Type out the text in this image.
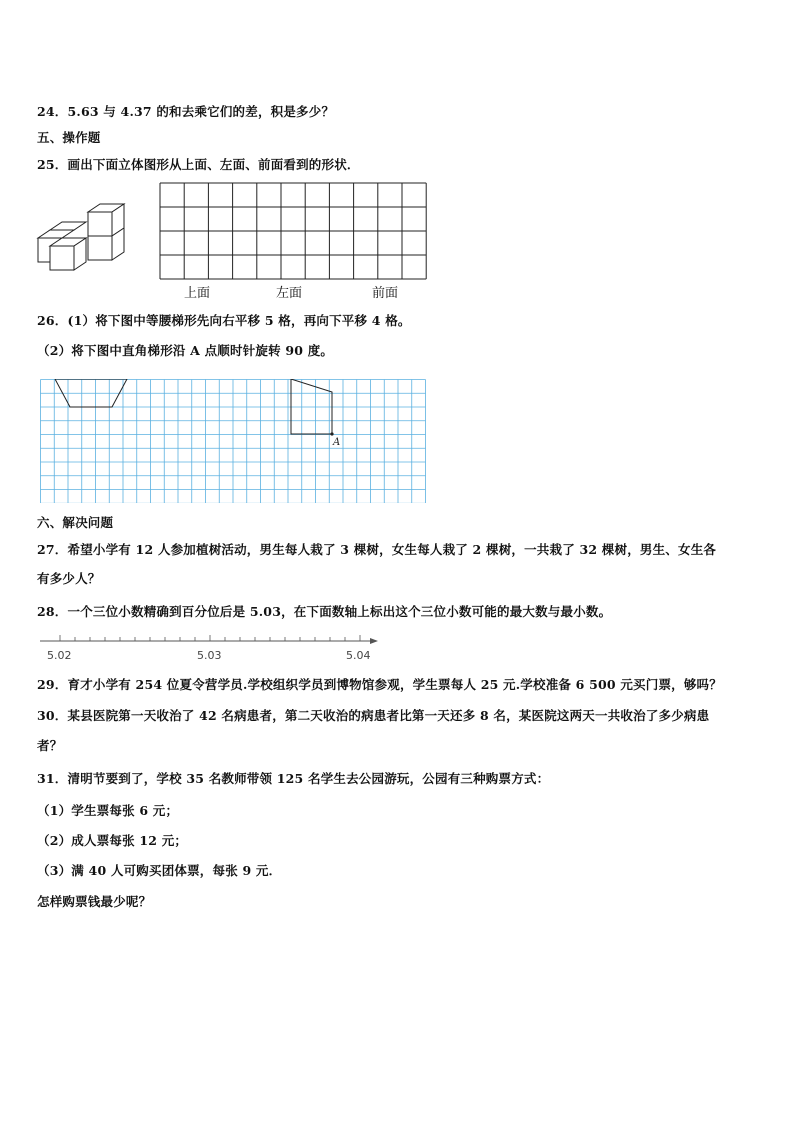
24．5.63 与 4.37 的和去乘它们的差，积是多少？
五、操作题
25．画出下面立体图形从上面、左面、前面看到的形状．
上面	左面	前面
26．(1）将下图中等腰梯形先向右平移 5 格，再向下平移 4 格。
（2）将下图中直角梯形沿 A 点顺时针旋转 90 度。
A
六、解决问题
27．希望小学有 12 人参加植树活动，男生每人栽了 3 棵树，女生每人栽了 2 棵树，一共栽了 32 棵树，男生、女生各
有多少人？
28．一个三位小数精确到百分位后是 5.03，在下面数轴上标出这个三位小数可能的最大数与最小数。
5.02	5.03	5.04
29．育才小学有 254 位夏令营学员.学校组织学员到博物馆参观，学生票每人 25 元.学校准备 6 500 元买门票，够吗？
30．某县医院第一天收治了 42 名病患者，第二天收治的病患者比第一天还多 8 名，某医院这两天一共收治了多少病患
者？
31．清明节要到了，学校 35 名教师带领 125 名学生去公园游玩，公园有三种购票方式：
（1）学生票每张 6 元；
（2）成人票每张 12 元；
（3）满 40 人可购买团体票，每张 9 元．
怎样购票钱最少呢？
